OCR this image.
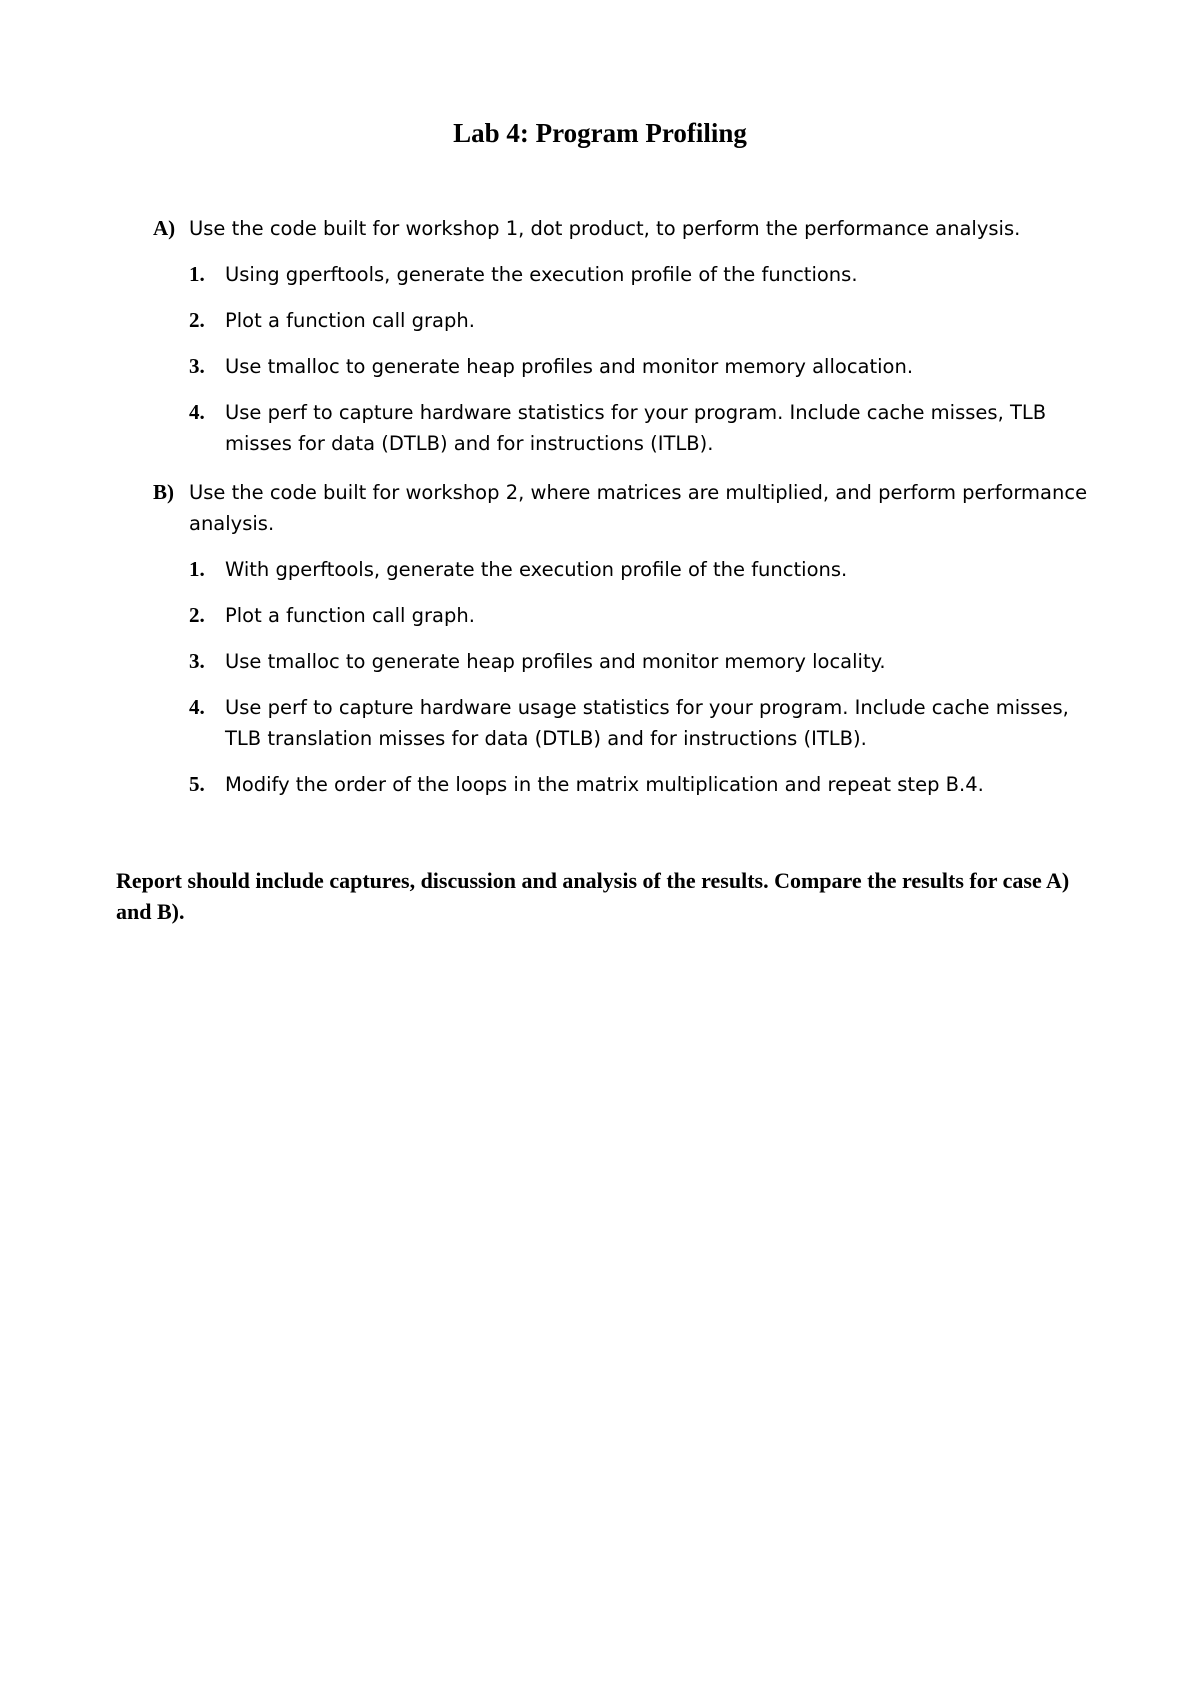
Lab 4: Program Profiling
A) Use the code built for workshop 1, dot product, to perform the performance analysis.
1. Using gperftools, generate the execution profile of the functions.
2. Plot a function call graph.
3. Use tmalloc to generate heap profiles and monitor memory allocation.
4. Use perf to capture hardware statistics for your program. Include cache misses, TLB misses for data (DTLB) and for instructions (ITLB).
B) Use the code built for workshop 2, where matrices are multiplied, and perform performance analysis.
1. With gperftools, generate the execution profile of the functions.
2. Plot a function call graph.
3. Use tmalloc to generate heap profiles and monitor memory locality.
4. Use perf to capture hardware usage statistics for your program. Include cache misses, TLB translation misses for data (DTLB) and for instructions (ITLB).
5. Modify the order of the loops in the matrix multiplication and repeat step B.4.
Report should include captures, discussion and analysis of the results. Compare the results for case A) and B).
